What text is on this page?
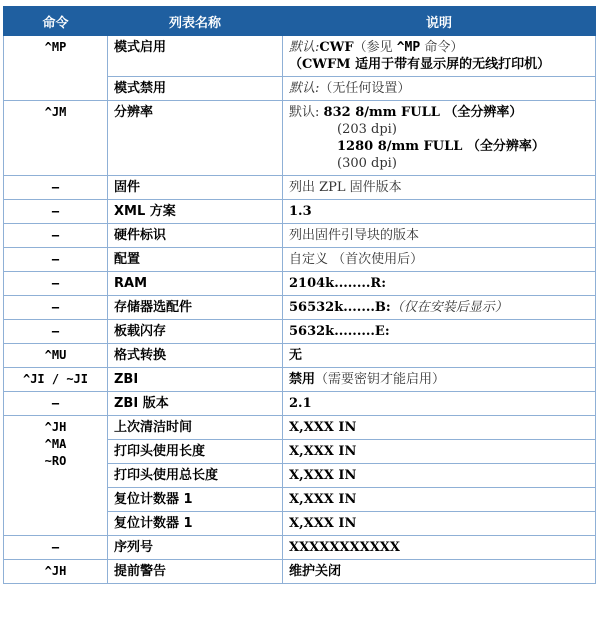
命令	列表名称	说明

^MP	模式启用	默认:CWF（参见 ^MP 命令）
（CWFM 适用于带有显示屏的无线打印机）
	模式禁用	默认:（无任何设置）

^JM	分辨率	默认: 832 8/mm FULL （全分辨率）

(203 dpi)
1280 8/mm FULL （全分辨率）
(300 dpi)

–	固件	列出 ZPL 固件版本
–	XML 方案	1.3
–	硬件标识	列出固件引导块的版本
–	配置	自定义 （首次使用后）
–	RAM	2104k........R:
–	存储器选配件	56532k.......B:（仅在安装后显示）
–	板载闪存	5632k.........E:
^MU	格式转换	无
^JI / ~JI	ZBI	禁用（需要密钥才能启用）
–	ZBI 版本	2.1

^JH
^MA
~RO	上次清洁时间	X,XXX IN
	打印头使用长度	X,XXX IN
	打印头使用总长度	X,XXX IN
	复位计数器 1	X,XXX IN
	复位计数器 1	X,XXX IN
–	序列号	XXXXXXXXXXX
^JH	提前警告	维护关闭
